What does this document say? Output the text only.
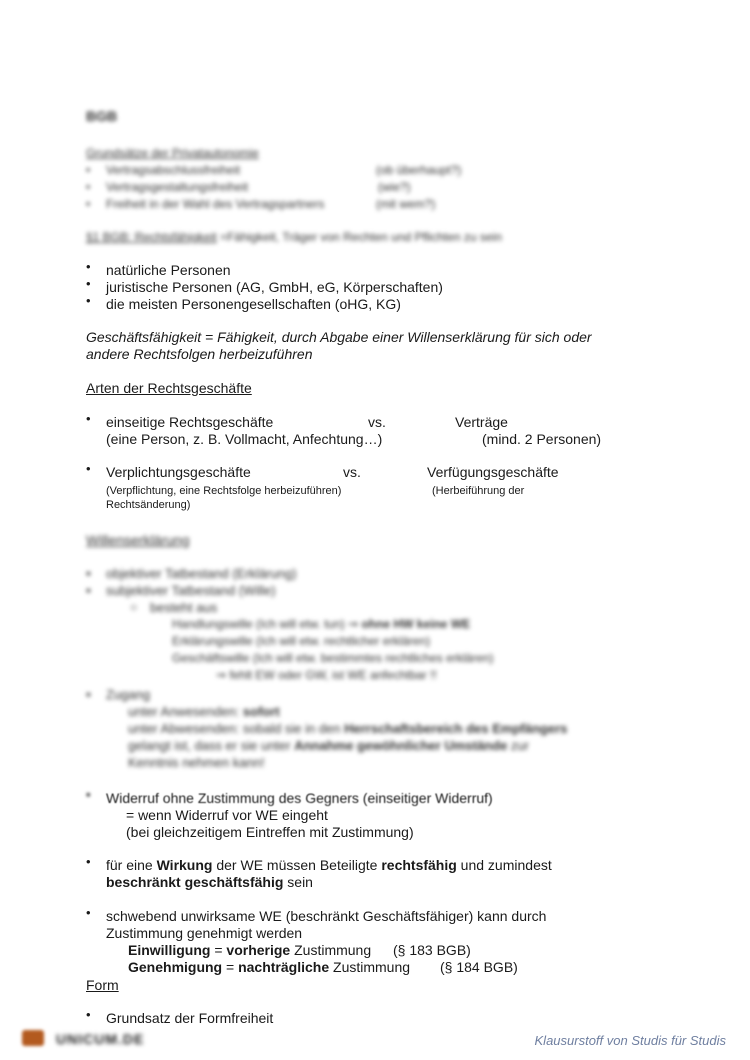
BGB
Grundsätze der Privatautonomie
• Vertragsabschlussfreiheit	(ob überhaupt?)
• Vertragsgestaltungsfreiheit	(wie?)
• Freiheit in der Wahl des Vertragspartners	(mit wem?)
§1 BGB: Rechtsfähigkeit =Fähigkeit, Träger von Rechten und Pflichten zu sein
• natürliche Personen
• juristische Personen (AG, GmbH, eG, Körperschaften)
• die meisten Personengesellschaften (oHG, KG)
Geschäftsfähigkeit = Fähigkeit, durch Abgabe einer Willenserklärung für sich oder
andere Rechtsfolgen herbeizuführen
Arten der Rechtsgeschäfte
• einseitige Rechtsgeschäfte	vs.	Verträge
(eine Person, z. B. Vollmacht, Anfechtung…)	(mind. 2 Personen)
• Verplichtungsgeschäfte	vs.	Verfügungsgeschäfte
(Verpflichtung, eine Rechtsfolge herbeizuführen)	(Herbeiführung der
Rechtsänderung)
Willenserklärung
• objektiver Tatbestand (Erklärung)
• subjektiver Tatbestand (Wille)
○ besteht aus
Handlungswille (Ich will etw. tun) ⇒ ohne HW keine WE
Erklärungswille (Ich will etw. rechtlicher erklären)
Geschäftswille (Ich will etw. bestimmtes rechtliches erklären)
⇒ fehlt EW oder GW, ist WE anfechtbar !!
• Zugang
unter Anwesenden: sofort
unter Abwesenden: sobald sie in den Herrschaftsbereich des Empfängers
gelangt ist, dass er sie unter Annahme gewöhnlicher Umstände zur
Kenntnis nehmen kann!
• Widerruf ohne Zustimmung des Gegners (einseitiger Widerruf)
= wenn Widerruf vor WE eingeht
(bei gleichzeitigem Eintreffen mit Zustimmung)
• für eine Wirkung der WE müssen Beteiligte rechtsfähig und zumindest
beschränkt geschäftsfähig sein
• schwebend unwirksame WE (beschränkt Geschäftsfähiger) kann durch
Zustimmung genehmigt werden
Einwilligung = vorherige Zustimmung (§ 183 BGB)
Genehmigung = nachträgliche Zustimmung (§ 184 BGB)
Form
• Grundsatz der Formfreiheit
UNICUM.DE	Klausurstoff von Studis für Studis
